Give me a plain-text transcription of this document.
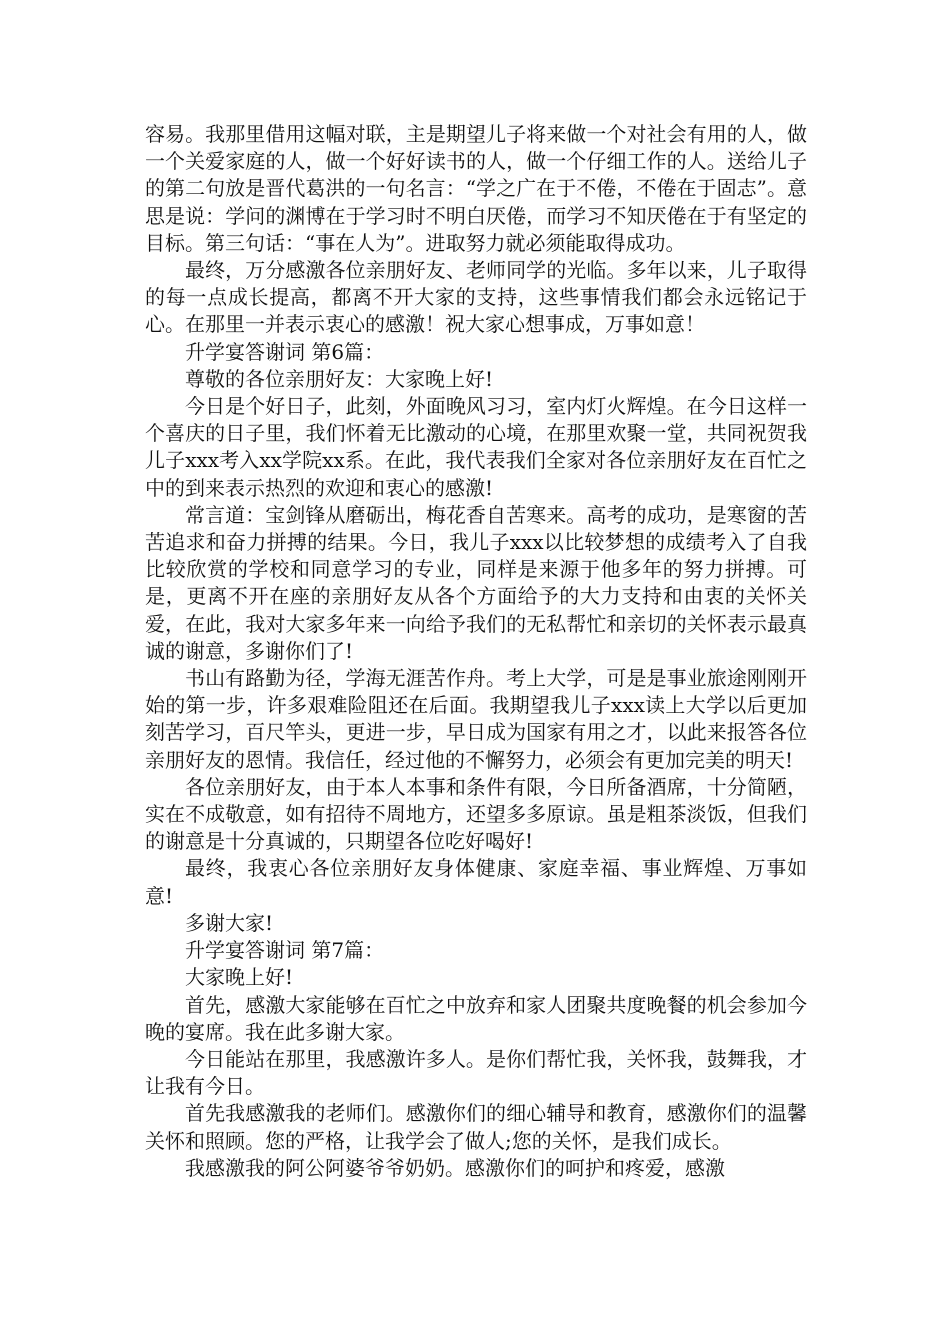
容易。我那里借用这幅对联，主是期望儿子将来做一个对社会有用的人，做一个关爱家庭的人，做一个好好读书的人，做一个仔细工作的人。送给儿子的第二句放是晋代葛洪的一句名言：“学之广在于不倦，不倦在于固志”。意思是说：学问的渊博在于学习时不明白厌倦，而学习不知厌倦在于有坚定的目标。第三句话：“事在人为”。进取努力就必须能取得成功。

最终，万分感激各位亲朋好友、老师同学的光临。多年以来，儿子取得的每一点成长提高，都离不开大家的支持，这些事情我们都会永远铭记于心。在那里一并表示衷心的感激！祝大家心想事成，万事如意！

升学宴答谢词 第6篇：

尊敬的各位亲朋好友：大家晚上好!

今日是个好日子，此刻，外面晚风习习，室内灯火辉煌。在今日这样一个喜庆的日子里，我们怀着无比激动的心境，在那里欢聚一堂，共同祝贺我儿子xxx考入xx学院xx系。在此，我代表我们全家对各位亲朋好友在百忙之中的到来表示热烈的欢迎和衷心的感激!

常言道：宝剑锋从磨砺出，梅花香自苦寒来。高考的成功，是寒窗的苦苦追求和奋力拼搏的结果。今日，我儿子xxx以比较梦想的成绩考入了自我比较欣赏的学校和同意学习的专业，同样是来源于他多年的努力拼搏。可是，更离不开在座的亲朋好友从各个方面给予的大力支持和由衷的关怀关爱，在此，我对大家多年来一向给予我们的无私帮忙和亲切的关怀表示最真诚的谢意，多谢你们了!

书山有路勤为径，学海无涯苦作舟。考上大学，可是是事业旅途刚刚开始的第一步，许多艰难险阻还在后面。我期望我儿子xxx读上大学以后更加刻苦学习，百尺竿头，更进一步，早日成为国家有用之才，以此来报答各位亲朋好友的恩情。我信任，经过他的不懈努力，必须会有更加完美的明天!

各位亲朋好友，由于本人本事和条件有限，今日所备酒席，十分简陋，实在不成敬意，如有招待不周地方，还望多多原谅。虽是粗茶淡饭，但我们的谢意是十分真诚的，只期望各位吃好喝好!

最终，我衷心各位亲朋好友身体健康、家庭幸福、事业辉煌、万事如意!

多谢大家!

升学宴答谢词 第7篇：

大家晚上好!

首先，感激大家能够在百忙之中放弃和家人团聚共度晚餐的机会参加今晚的宴席。我在此多谢大家。

今日能站在那里，我感激许多人。是你们帮忙我，关怀我，鼓舞我，才让我有今日。

首先我感激我的老师们。感激你们的细心辅导和教育，感激你们的温馨关怀和照顾。您的严格，让我学会了做人;您的关怀，是我们成长。

我感激我的阿公阿婆爷爷奶奶。感激你们的呵护和疼爱，感激
